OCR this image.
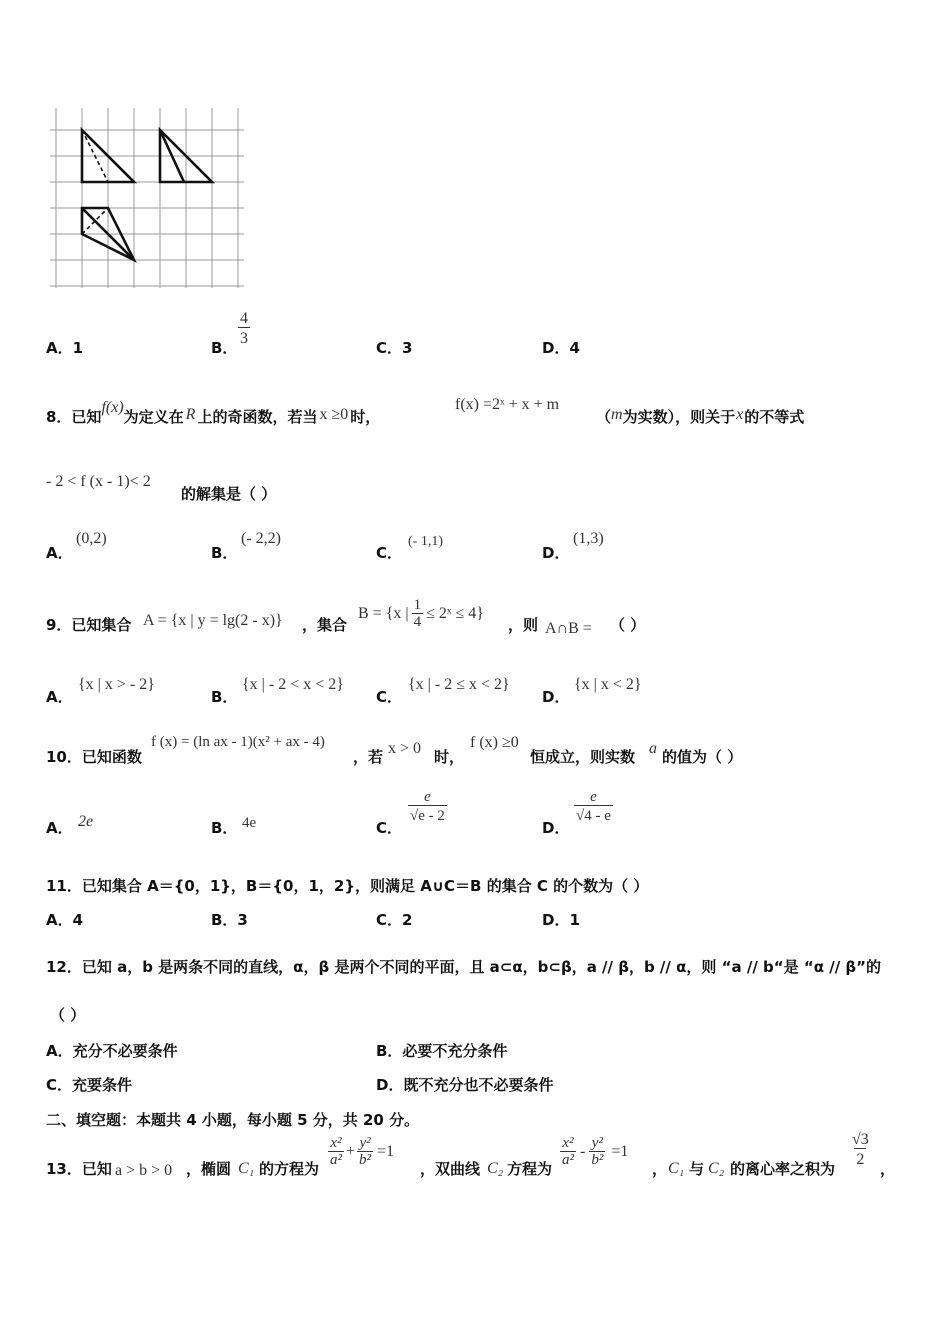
A．1	B．
$\frac{4}{3}$
C．3	D．4
8．已知f(x)为定义在 R 上的奇函数，若当 x ≥0 时，
f(x) =2ˣ + x + m
（m为实数），则关于x的不等式
- 2 < f (x - 1)< 2
的解集是（ ）
A．
(0,2)
B．
(- 2,2)
C．
(- 1,1)
D．
(1,3)
9．已知集合 A = {x | y = lg(2 - x)} ，集合
B = {x | $\frac{1}{4}$ ≤ 2ˣ ≤ 4}
，则 A∩B = （ ）
A．
{x | x > - 2}
B．
{x | - 2 < x < 2}
C．
{x | - 2 ≤ x < 2}
D．
{x | x < 2}
10．已知函数
f (x) = (ln ax - 1)(x² + ax - 4)
，若 x > 0 时，
f (x) ≥0
恒成立，则实数 a 的值为（ ）
A． 2e	B． 4e	C．
$\frac{e}{√e - 2}$
D．
$\frac{e}{√4 - e}$
11．已知集合 A＝{0，1}，B＝{0，1，2}，则满足 A∪C＝B 的集合 C 的个数为（ ）
A．4	B．3	C．2	D．1
12．已知 a，b 是两条不同的直线，α，β 是两个不同的平面，且 a⊂α，b⊂β，a // β，b // α，则 “a // b“是 “α // β”的
（ ）
A．充分不必要条件	B．必要不充分条件
C．充要条件	D．既不充分也不必要条件
二、填空题：本题共 4 小题，每小题 5 分，共 20 分。
13．已知 a > b > 0 ，椭圆 C₁ 的方程为
$\frac{\text{x²}}{\text{a²}} + \frac{\text{y²}}{\text{b²}} =1$
，双曲线 C₂ 方程为
$\frac{\text{x²}}{\text{a²}} - \frac{\text{y²}}{\text{b²}} =1$
， C₁ 与 C₂ 的离心率之积为
$\frac{√3}{2}$
，
